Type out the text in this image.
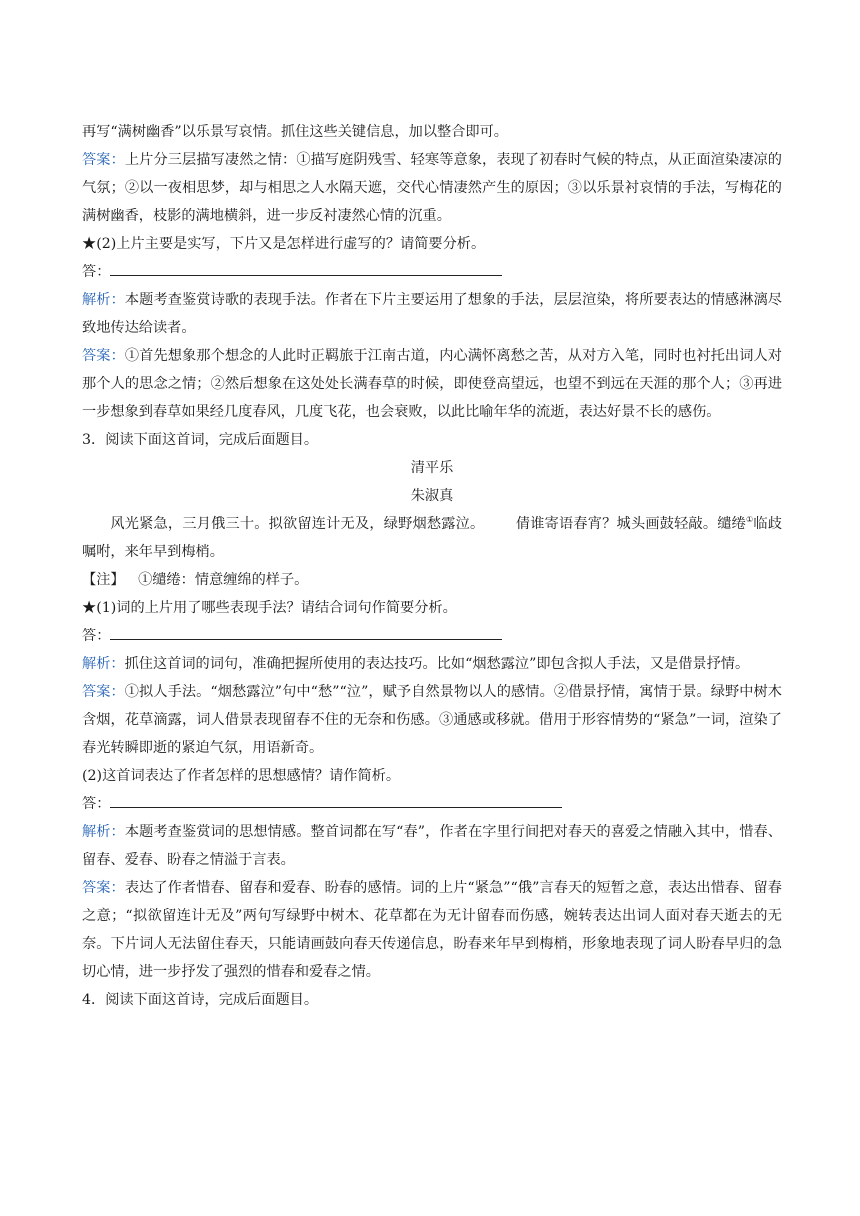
再写“满树幽香”以乐景写哀情。抓住这些关键信息，加以整合即可。

答案：上片分三层描写凄然之情：①描写庭阴残雪、轻寒等意象，表现了初春时气候的特点，从正面渲染凄凉的气氛；②以一夜相思梦，却与相思之人水隔天遮，交代心情凄然产生的原因；③以乐景衬哀情的手法，写梅花的满树幽香，枝影的满地横斜，进一步反衬凄然心情的沉重。

★(2)上片主要是实写，下片又是怎样进行虚写的？请简要分析。

答：

解析：本题考查鉴赏诗歌的表现手法。作者在下片主要运用了想象的手法，层层渲染，将所要表达的情感淋漓尽致地传达给读者。

答案：①首先想象那个想念的人此时正羁旅于江南古道，内心满怀离愁之苦，从对方入笔，同时也衬托出词人对那个人的思念之情；②然后想象在这处处长满春草的时候，即使登高望远，也望不到远在天涯的那个人；③再进一步想象到春草如果经几度春风，几度飞花，也会衰败，以此比喻年华的流逝，表达好景不长的感伤。

3．阅读下面这首词，完成后面题目。

清平乐

朱淑真

风光紧急，三月俄三十。拟欲留连计无及，绿野烟愁露泣。 倩谁寄语春宵？城头画鼓轻敲。缱绻①临歧嘱咐，来年早到梅梢。

【注】 ①缱绻：情意缠绵的样子。

★(1)词的上片用了哪些表现手法？请结合词句作简要分析。

答：

解析：抓住这首词的词句，准确把握所使用的表达技巧。比如“烟愁露泣”即包含拟人手法，又是借景抒情。

答案：①拟人手法。“烟愁露泣”句中“愁”“泣”，赋予自然景物以人的感情。②借景抒情，寓情于景。绿野中树木含烟，花草滴露，词人借景表现留春不住的无奈和伤感。③通感或移就。借用于形容情势的“紧急”一词，渲染了春光转瞬即逝的紧迫气氛，用语新奇。

(2)这首词表达了作者怎样的思想感情？请作简析。

答：

解析：本题考查鉴赏词的思想情感。整首词都在写“春”，作者在字里行间把对春天的喜爱之情融入其中，惜春、留春、爱春、盼春之情溢于言表。

答案：表达了作者惜春、留春和爱春、盼春的感情。词的上片“紧急”“俄”言春天的短暂之意，表达出惜春、留春之意；“拟欲留连计无及”两句写绿野中树木、花草都在为无计留春而伤感，婉转表达出词人面对春天逝去的无奈。下片词人无法留住春天，只能请画鼓向春天传递信息，盼春来年早到梅梢，形象地表现了词人盼春早归的急切心情，进一步抒发了强烈的惜春和爱春之情。

4．阅读下面这首诗，完成后面题目。
